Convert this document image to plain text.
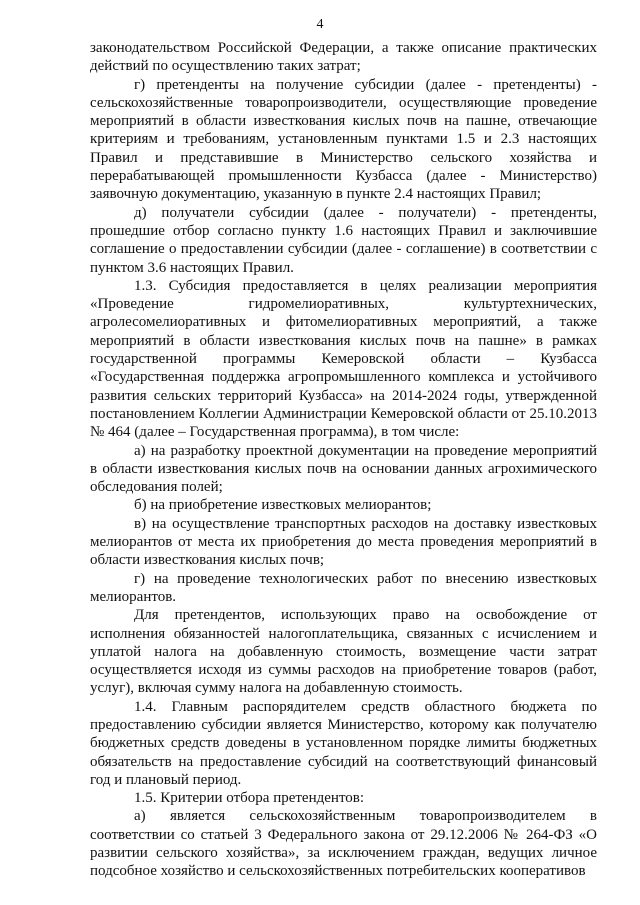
4

законодательством Российской Федерации, а также описание практических действий по осуществлению таких затрат;

г) претенденты на получение субсидии (далее - претенденты) - сельскохозяйственные товаропроизводители, осуществляющие проведение мероприятий в области известкования кислых почв на пашне, отвечающие критериям и требованиям, установленным пунктами 1.5 и 2.3 настоящих Правил и представившие в Министерство сельского хозяйства и перерабатывающей промышленности Кузбасса (далее - Министерство) заявочную документацию, указанную в пункте 2.4 настоящих Правил;

д) получатели субсидии (далее - получатели) - претенденты, прошедшие отбор согласно пункту 1.6 настоящих Правил и заключившие соглашение о предоставлении субсидии (далее - соглашение) в соответствии с пунктом 3.6 настоящих Правил.

1.3. Субсидия предоставляется в целях реализации мероприятия «Проведение гидромелиоративных, культуртехнических, агролесомелиоративных и фитомелиоративных мероприятий, а также мероприятий в области известкования кислых почв на пашне» в рамках государственной программы Кемеровской области – Кузбасса «Государственная поддержка агропромышленного комплекса и устойчивого развития сельских территорий Кузбасса» на 2014-2024 годы, утвержденной постановлением Коллегии Администрации Кемеровской области от 25.10.2013 № 464 (далее – Государственная программа), в том числе:

а) на разработку проектной документации на проведение мероприятий в области известкования кислых почв на основании данных агрохимического обследования полей;

б) на приобретение известковых мелиорантов;

в) на осуществление транспортных расходов на доставку известковых мелиорантов от места их приобретения до места проведения мероприятий в области известкования кислых почв;

г) на проведение технологических работ по внесению известковых мелиорантов.

Для претендентов, использующих право на освобождение от исполнения обязанностей налогоплательщика, связанных с исчислением и уплатой налога на добавленную стоимость, возмещение части затрат осуществляется исходя из суммы расходов на приобретение товаров (работ, услуг), включая сумму налога на добавленную стоимость.

1.4. Главным распорядителем средств областного бюджета по предоставлению субсидии является Министерство, которому как получателю бюджетных средств доведены в установленном порядке лимиты бюджетных обязательств на предоставление субсидий на соответствующий финансовый год и плановый период.

1.5. Критерии отбора претендентов:

а) является сельскохозяйственным товаропроизводителем в соответствии со статьей 3 Федерального закона от 29.12.2006 № 264-ФЗ «О развитии сельского хозяйства», за исключением граждан, ведущих личное подсобное хозяйство и сельскохозяйственных потребительских кооперативов
